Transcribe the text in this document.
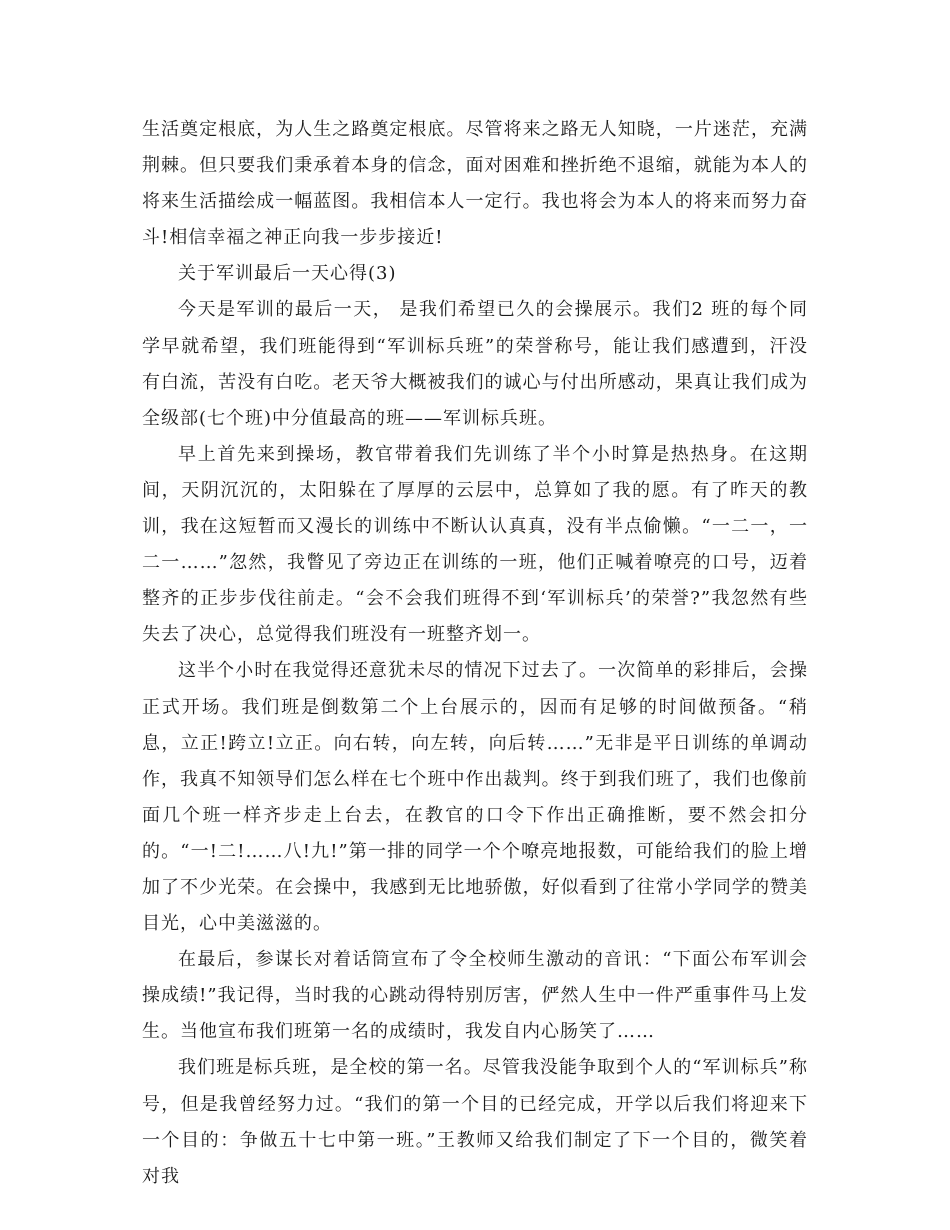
生活奠定根底，为人生之路奠定根底。尽管将来之路无人知晓，一片迷茫，充满荆棘。但只要我们秉承着本身的信念，面对困难和挫折绝不退缩，就能为本人的将来生活描绘成一幅蓝图。我相信本人一定行。我也将会为本人的将来而努力奋斗!相信幸福之神正向我一步步接近!

关于军训最后一天心得(3)

今天是军训的最后一天， 是我们希望已久的会操展示。我们2 班的每个同学早就希望，我们班能得到“军训标兵班”的荣誉称号，能让我们感遭到，汗没有白流，苦没有白吃。老天爷大概被我们的诚心与付出所感动，果真让我们成为全级部(七个班)中分值最高的班——军训标兵班。

早上首先来到操场，教官带着我们先训练了半个小时算是热热身。在这期间，天阴沉沉的，太阳躲在了厚厚的云层中，总算如了我的愿。有了昨天的教训，我在这短暂而又漫长的训练中不断认认真真，没有半点偷懒。“一二一，一二一……”忽然，我瞥见了旁边正在训练的一班，他们正喊着嘹亮的口号，迈着整齐的正步步伐往前走。“会不会我们班得不到‘军训标兵’的荣誉?”我忽然有些失去了决心，总觉得我们班没有一班整齐划一。

这半个小时在我觉得还意犹未尽的情况下过去了。一次简单的彩排后，会操正式开场。我们班是倒数第二个上台展示的，因而有足够的时间做预备。“稍息，立正!跨立!立正。向右转，向左转，向后转……”无非是平日训练的单调动作，我真不知领导们怎么样在七个班中作出裁判。终于到我们班了，我们也像前面几个班一样齐步走上台去，在教官的口令下作出正确推断，要不然会扣分的。“一!二!……八!九!”第一排的同学一个个嘹亮地报数，可能给我们的脸上增加了不少光荣。在会操中，我感到无比地骄傲，好似看到了往常小学同学的赞美目光，心中美滋滋的。

在最后，参谋长对着话筒宣布了令全校师生激动的音讯：“下面公布军训会操成绩!”我记得，当时我的心跳动得特别厉害，俨然人生中一件严重事件马上发生。当他宣布我们班第一名的成绩时，我发自内心肠笑了……

我们班是标兵班，是全校的第一名。尽管我没能争取到个人的“军训标兵”称号，但是我曾经努力过。“我们的第一个目的已经完成，开学以后我们将迎来下一个目的：争做五十七中第一班。”王教师又给我们制定了下一个目的，微笑着对我
